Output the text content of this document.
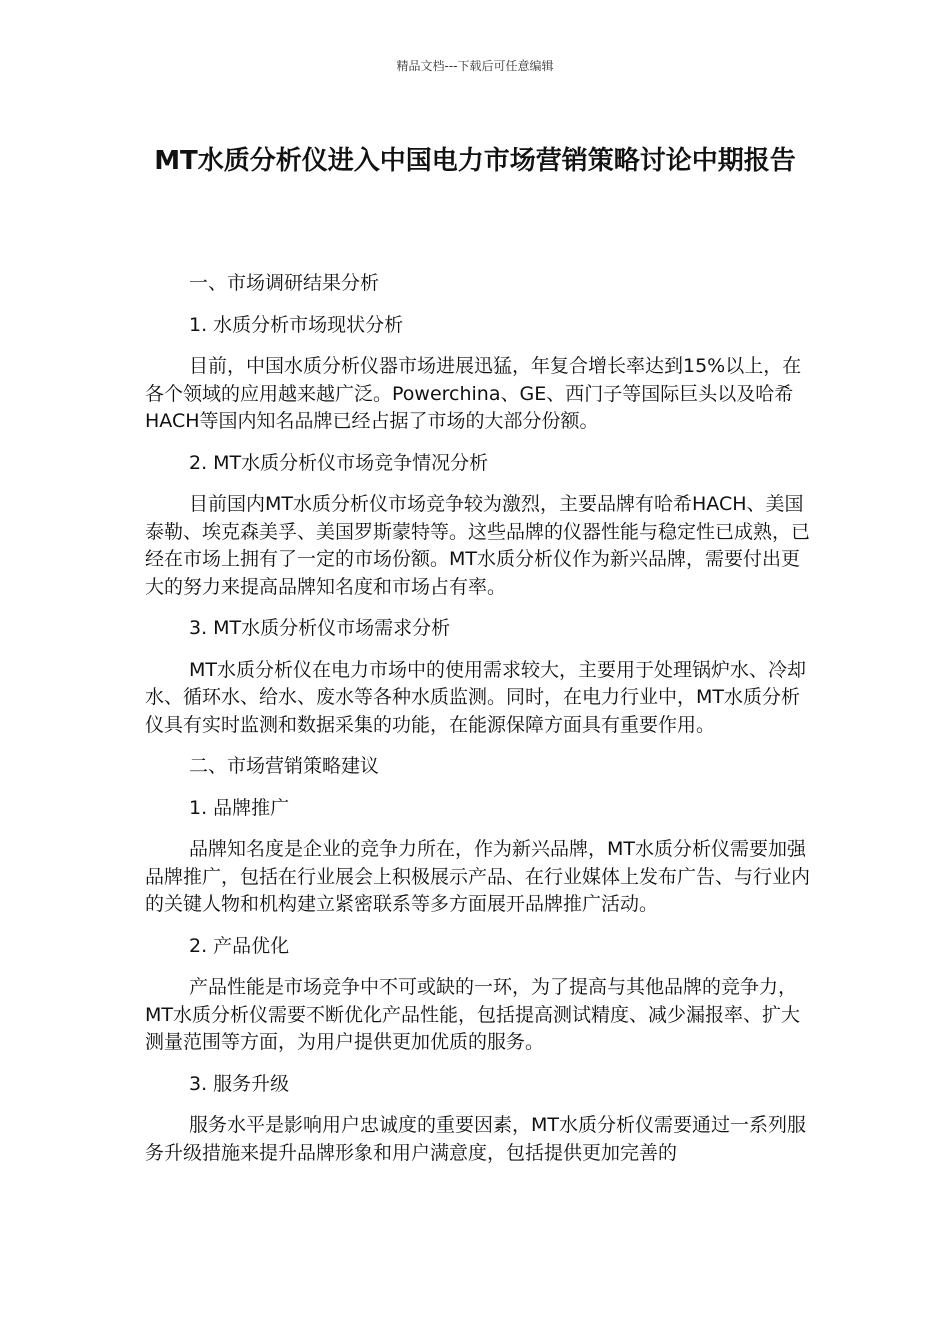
精品文档---下载后可任意编辑
MT水质分析仪进入中国电力市场营销策略讨论中期报告

一、市场调研结果分析

1. 水质分析市场现状分析

目前，中国水质分析仪器市场进展迅猛，年复合增长率达到15%以上，在各个领域的应用越来越广泛。Powerchina、GE、西门子等国际巨头以及哈希HACH等国内知名品牌已经占据了市场的大部分份额。

2. MT水质分析仪市场竞争情况分析

目前国内MT水质分析仪市场竞争较为激烈，主要品牌有哈希HACH、美国泰勒、埃克森美孚、美国罗斯蒙特等。这些品牌的仪器性能与稳定性已成熟，已经在市场上拥有了一定的市场份额。MT水质分析仪作为新兴品牌，需要付出更大的努力来提高品牌知名度和市场占有率。

3. MT水质分析仪市场需求分析

MT水质分析仪在电力市场中的使用需求较大，主要用于处理锅炉水、冷却水、循环水、给水、废水等各种水质监测。同时，在电力行业中，MT水质分析仪具有实时监测和数据采集的功能，在能源保障方面具有重要作用。

二、市场营销策略建议

1. 品牌推广

品牌知名度是企业的竞争力所在，作为新兴品牌，MT水质分析仪需要加强品牌推广，包括在行业展会上积极展示产品、在行业媒体上发布广告、与行业内的关键人物和机构建立紧密联系等多方面展开品牌推广活动。

2. 产品优化

产品性能是市场竞争中不可或缺的一环，为了提高与其他品牌的竞争力，MT水质分析仪需要不断优化产品性能，包括提高测试精度、减少漏报率、扩大测量范围等方面，为用户提供更加优质的服务。

3. 服务升级

服务水平是影响用户忠诚度的重要因素，MT水质分析仪需要通过一系列服务升级措施来提升品牌形象和用户满意度，包括提供更加完善的
